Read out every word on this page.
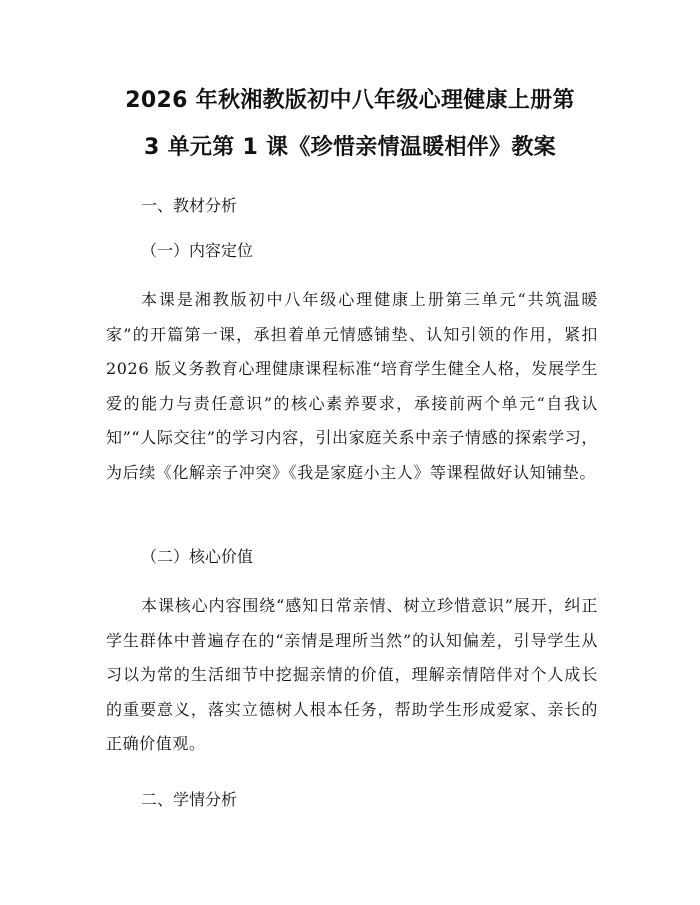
2026 年秋湘教版初中八年级心理健康上册第
3 单元第 1 课《珍惜亲情温暖相伴》教案
一、教材分析
（一）内容定位

本课是湘教版初中八年级心理健康上册第三单元“共筑温暖家”的开篇第一课，承担着单元情感铺垫、认知引领的作用，紧扣 2026 版义务教育心理健康课程标准“培育学生健全人格，发展学生爱的能力与责任意识”的核心素养要求，承接前两个单元“自我认知”“人际交往”的学习内容，引出家庭关系中亲子情感的探索学习，为后续《化解亲子冲突》《我是家庭小主人》等课程做好认知铺垫。

（二）核心价值

本课核心内容围绕“感知日常亲情、树立珍惜意识”展开，纠正学生群体中普遍存在的“亲情是理所当然”的认知偏差，引导学生从习以为常的生活细节中挖掘亲情的价值，理解亲情陪伴对个人成长的重要意义，落实立德树人根本任务，帮助学生形成爱家、亲长的正确价值观。

二、学情分析
